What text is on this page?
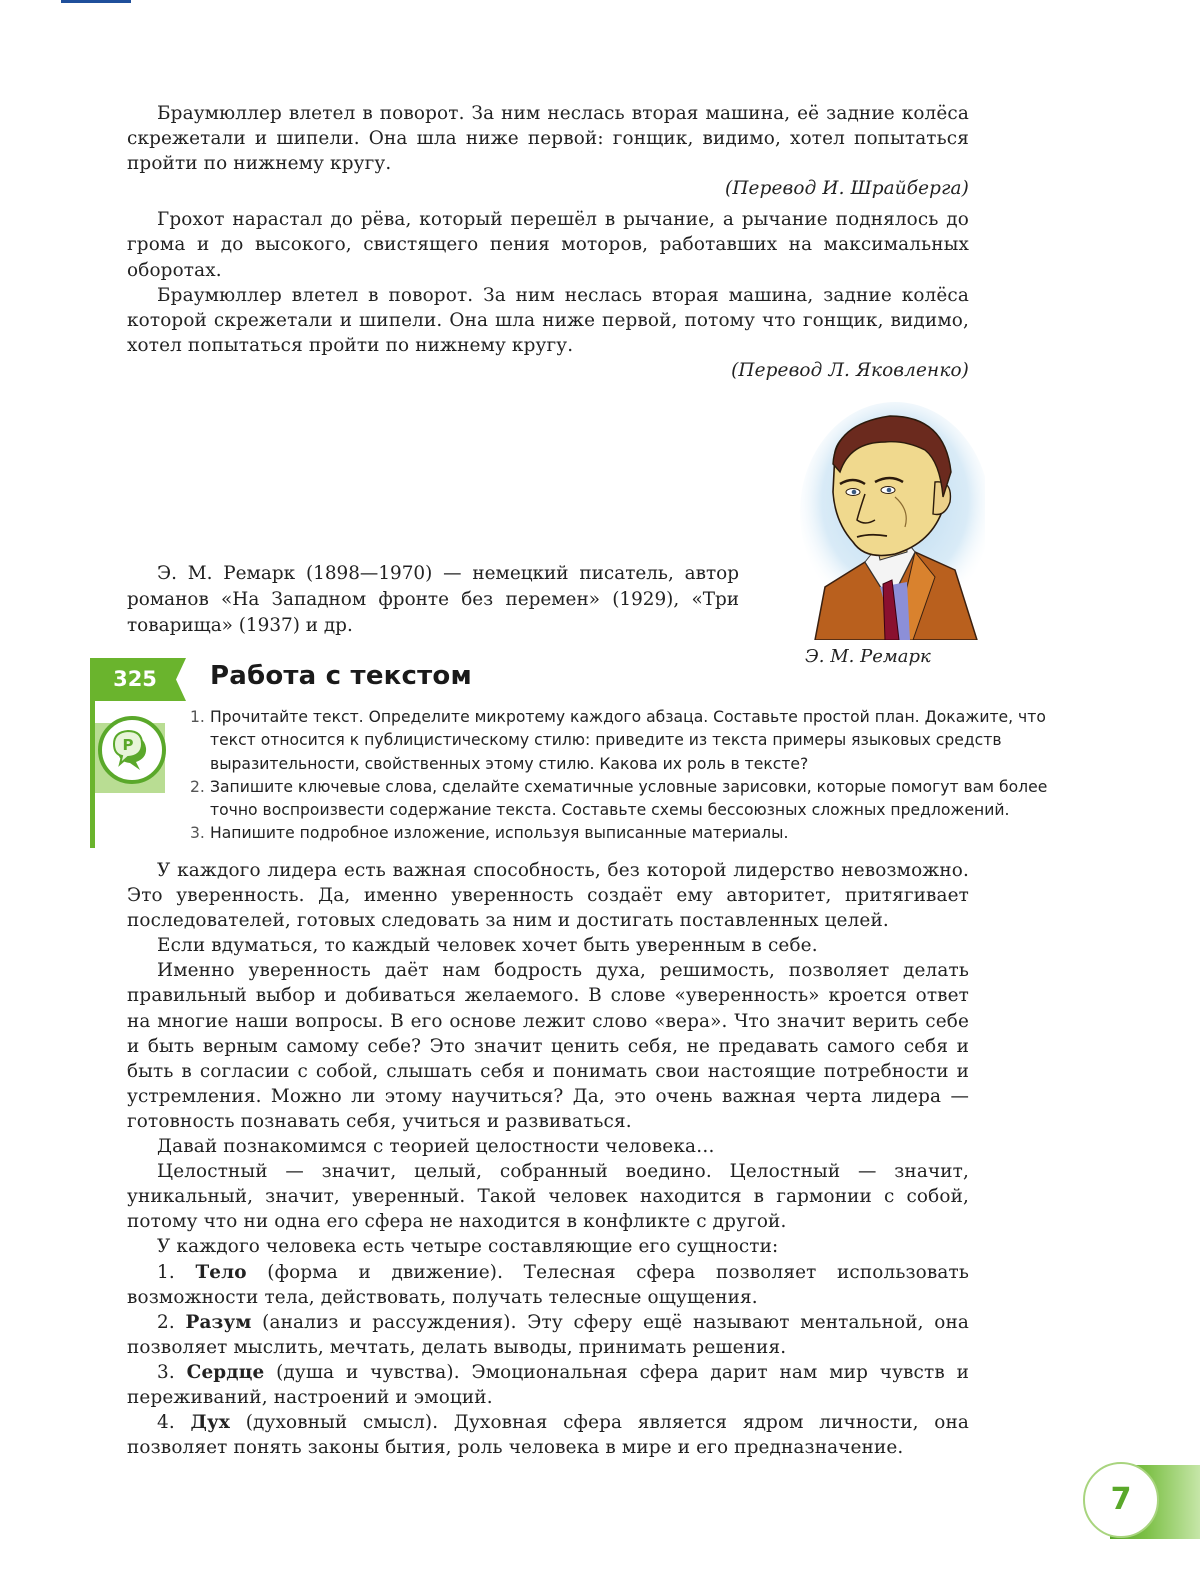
Браумюллер влетел в поворот. За ним неслась вторая машина, её задние колёса скрежетали и шипели. Она шла ниже первой: гонщик, видимо, хотел попытаться пройти по нижнему кругу.

(Перевод И. Шрайберга)

Грохот нарастал до рёва, который перешёл в рычание, а рычание поднялось до грома и до высокого, свистящего пения моторов, работавших на максимальных оборотах.

Браумюллер влетел в поворот. За ним неслась вторая машина, задние колёса которой скрежетали и шипели. Она шла ниже первой, потому что гонщик, видимо, хотел попытаться пройти по нижнему кругу.

(Перевод Л. Яковленко)

Э. М. Ремарк

Э. М. Ремарк (1898—1970) — немецкий писатель, автор романов «На Западном фронте без перемен» (1929), «Три товарища» (1937) и др.

325
Р
Работа с текстом
1. Прочитайте текст. Определите микротему каждого абзаца. Составьте простой план. Докажите, что текст относится к публицистическому стилю: приведите из текста примеры языковых средств выразительности, свойственных этому стилю. Какова их роль в тексте?
2. Запишите ключевые слова, сделайте схематичные условные зарисовки, которые помогут вам более точно воспроизвести содержание текста. Составьте схемы бессоюзных сложных предложений.
3. Напишите подробное изложение, используя выписанные материалы.

У каждого лидера есть важная способность, без которой лидерство невозможно. Это уверенность. Да, именно уверенность создаёт ему авторитет, притягивает последователей, готовых следовать за ним и достигать поставленных целей.

Если вдуматься, то каждый человек хочет быть уверенным в себе.

Именно уверенность даёт нам бодрость духа, решимость, позволяет делать правильный выбор и добиваться желаемого. В слове «уверенность» кроется ответ на многие наши вопросы. В его основе лежит слово «вера». Что значит верить себе и быть верным самому себе? Это значит ценить себя, не предавать самого себя и быть в согласии с собой, слышать себя и понимать свои настоящие потребности и устремления. Можно ли этому научиться? Да, это очень важная черта лидера — готовность познавать себя, учиться и развиваться.

Давай познакомимся с теорией целостности человека…

Целостный — значит, целый, собранный воедино. Целостный — значит, уникальный, значит, уверенный. Такой человек находится в гармонии с собой, потому что ни одна его сфера не находится в конфликте с другой.

У каждого человека есть четыре составляющие его сущности:

1. Тело (форма и движение). Телесная сфера позволяет использовать возможности тела, действовать, получать телесные ощущения.

2. Разум (анализ и рассуждения). Эту сферу ещё называют ментальной, она позволяет мыслить, мечтать, делать выводы, принимать решения.

3. Сердце (душа и чувства). Эмоциональная сфера дарит нам мир чувств и переживаний, настроений и эмоций.

4. Дух (духовный смысл). Духовная сфера является ядром личности, она позволяет понять законы бытия, роль человека в мире и его предназначение.

7
